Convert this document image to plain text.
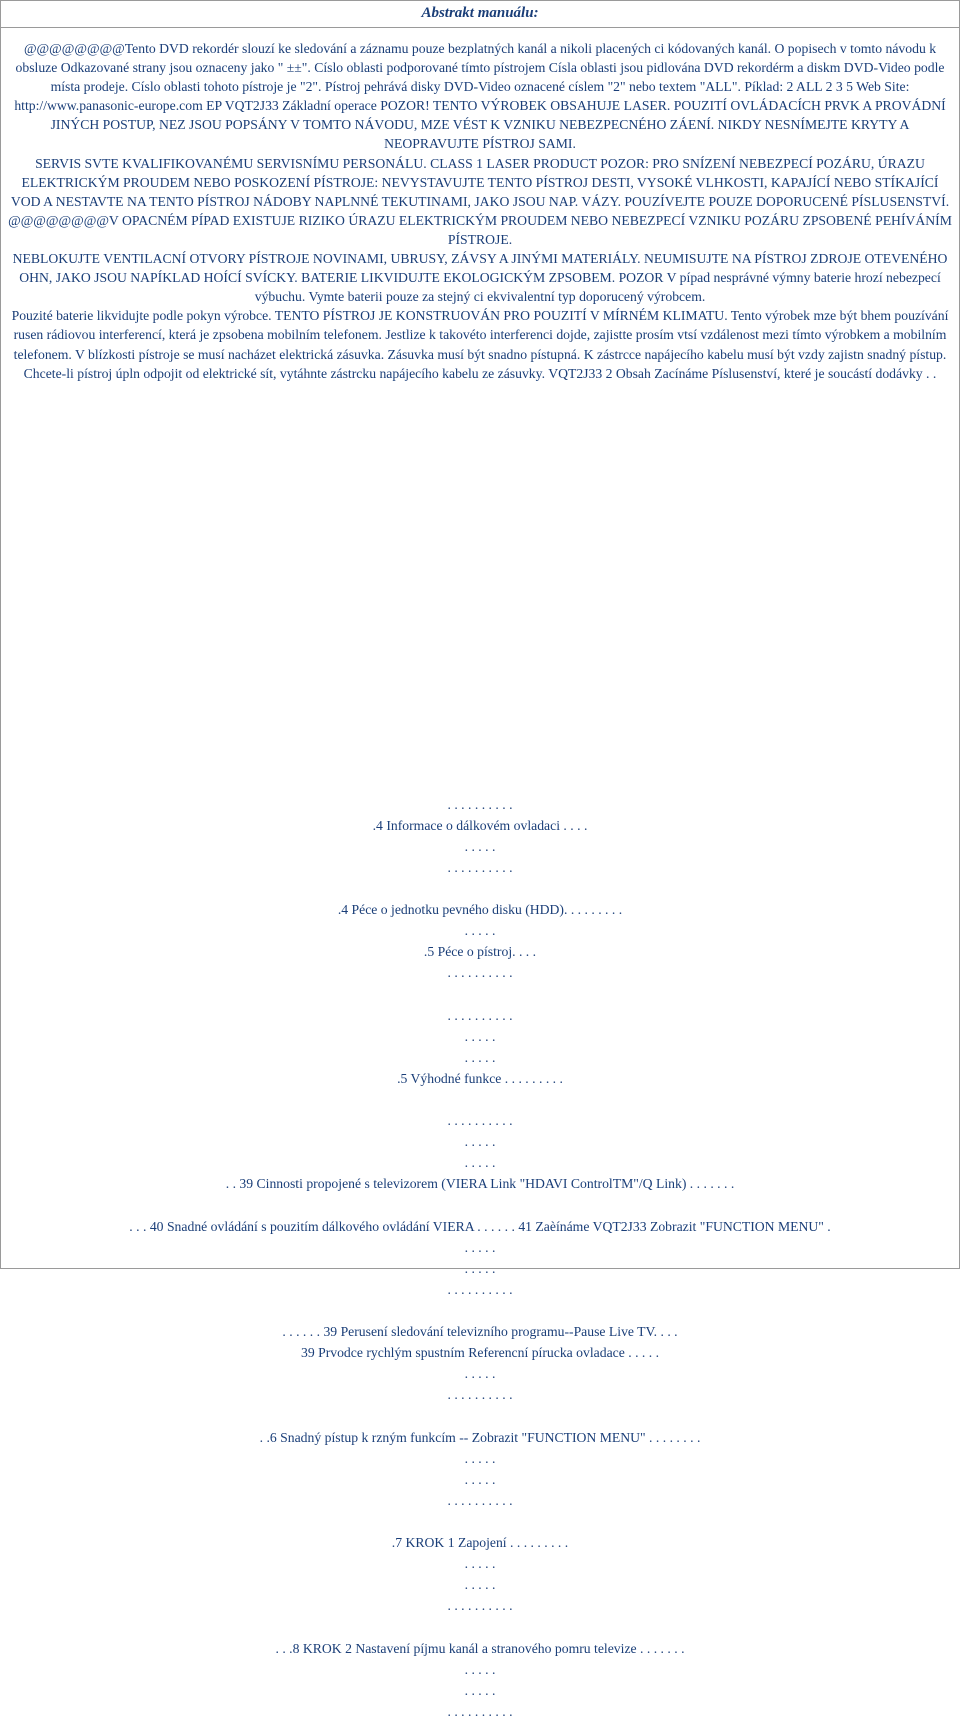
Abstrakt manuálu:

@@@@@@@@Tento DVD rekordér slouzí ke sledování a záznamu pouze bezplatných kanál a nikoli placených ci kódovaných kanál. O popisech v tomto návodu k obsluze Odkazované strany jsou oznaceny jako " ±±". Císlo oblasti podporované tímto pístrojem Císla oblasti jsou pidlována DVD rekordérm a diskm DVD-Video podle místa prodeje. Císlo oblasti tohoto pístroje je "2". Pístroj pehrává disky DVD-Video oznacené císlem "2" nebo textem "ALL". Píklad: 2 ALL 2 3 5 Web Site: http://www.panasonic-europe.com EP VQT2J33 Základní operace POZOR! TENTO VÝROBEK OBSAHUJE LASER. POUZITÍ OVLÁDACÍCH PRVK A PROVÁDNÍ JINÝCH POSTUP, NEZ JSOU POPSÁNY V TOMTO NÁVODU, MZE VÉST K VZNIKU NEBEZPECNÉHO ZÁENÍ. NIKDY NESNÍMEJTE KRYTY A NEOPRAVUJTE PÍSTROJ SAMI.

SERVIS SVTE KVALIFIKOVANÉMU SERVISNÍMU PERSONÁLU. CLASS 1 LASER PRODUCT POZOR: PRO SNÍZENÍ NEBEZPECÍ POZÁRU, ÚRAZU ELEKTRICKÝM PROUDEM NEBO POSKOZENÍ PÍSTROJE: NEVYSTAVUJTE TENTO PÍSTROJ DESTI, VYSOKÉ VLHKOSTI, KAPAJÍCÍ NEBO STÍKAJÍCÍ VOD A NESTAVTE NA TENTO PÍSTROJ NÁDOBY NAPLNNÉ TEKUTINAMI, JAKO JSOU NAP. VÁZY. POUZÍVEJTE POUZE DOPORUCENÉ PÍSLUSENSTVÍ. @@@@@@@@V OPACNÉM PÍPAD EXISTUJE RIZIKO ÚRAZU ELEKTRICKÝM PROUDEM NEBO NEBEZPECÍ VZNIKU POZÁRU ZPSOBENÉ PEHÍVÁNÍM PÍSTROJE.

NEBLOKUJTE VENTILACNÍ OTVORY PÍSTROJE NOVINAMI, UBRUSY, ZÁVSY A JINÝMI MATERIÁLY. NEUMISUJTE NA PÍSTROJ ZDROJE OTEVENÉHO OHN, JAKO JSOU NAPÍKLAD HOÍCÍ SVÍCKY. BATERIE LIKVIDUJTE EKOLOGICKÝM ZPSOBEM. POZOR V pípad nesprávné výmny baterie hrozí nebezpecí výbuchu. Vymte baterii pouze za stejný ci ekvivalentní typ doporucený výrobcem.

Pouzité baterie likvidujte podle pokyn výrobce. TENTO PÍSTROJ JE KONSTRUOVÁN PRO POUZITÍ V MÍRNÉM KLIMATU. Tento výrobek mze být bhem pouzívání rusen rádiovou interferencí, která je zpsobena mobilním telefonem. Jestlize k takovéto interferenci dojde, zajistte prosím vtsí vzdálenost mezi tímto výrobkem a mobilním telefonem. V blízkosti pístroje se musí nacházet elektrická zásuvka. Zásuvka musí být snadno pístupná. K zástrcce napájecího kabelu musí být vzdy zajistn snadný pístup. Chcete-li pístroj úpln odpojit od elektrické sít, vytáhnte zástrcku napájecího kabelu ze zásuvky. VQT2J33 2 Obsah Zacínáme Píslusenství, které je soucástí dodávky . .

. . . . . . . . . .
.4 Informace o dálkovém ovladaci . . . .
. . . . .
. . . . . . . . . .
.4 Péce o jednotku pevného disku (HDD). . . . . . . . .
. . . . .
.5 Péce o pístroj. . . .
. . . . . . . . . .
. . . . . . . . . .
. . . . .
. . . . .
.5 Výhodné funkce . . . . . . . . .
. . . . . . . . . .
. . . . .
. . . . .
. . 39 Cinnosti propojené s televizorem (VIERA Link "HDAVI ControlTM"/Q Link) . . . . . . .
. . . 40 Snadné ovládání s pouzitím dálkového ovládání VIERA . . . . . . 41 Zaèínáme VQT2J33 Zobrazit "FUNCTION MENU" .
. . . . .
. . . . .
. . . . . . . . . .
. . . . . . 39 Perusení sledování televizního programu--Pause Live TV. . . .
39 Prvodce rychlým spustním Referencní pírucka ovladace . . . . .
. . . . .
. . . . . . . . . .
. .6 Snadný pístup k rzným funkcím -- Zobrazit "FUNCTION MENU" . . . . . . . .
. . . . .
. . . . .
. . . . . . . . . .
.7 KROK 1 Zapojení . . . . . . . . .
. . . . .
. . . . .
. . . . . . . . . .
. . .8 KROK 2 Nastavení píjmu kanál a stranového pomru televize . . . . . . .
. . . . .
. . . . .
. . . . . . . . . .
